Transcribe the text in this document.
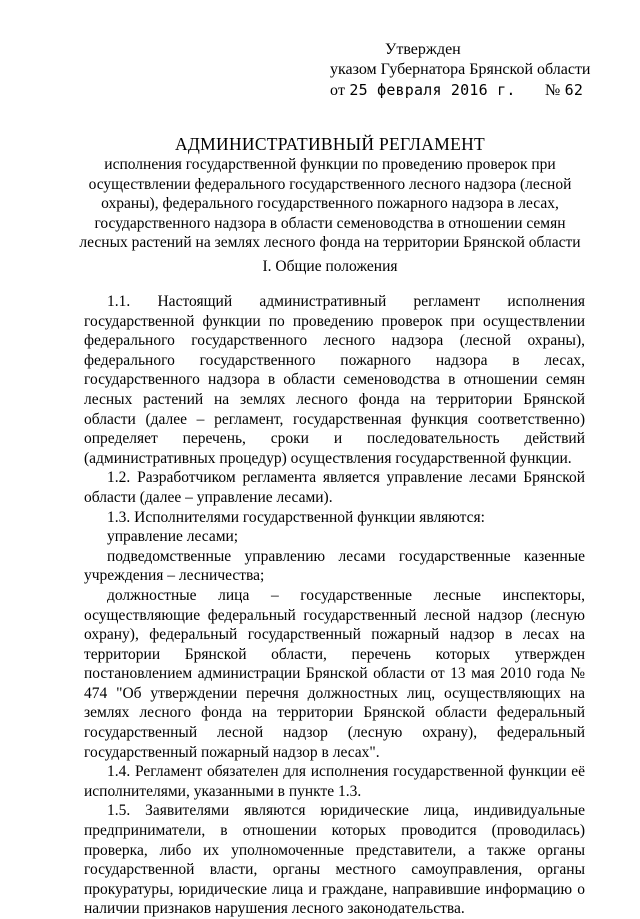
Утвержден
указом Губернатора Брянской области
от 25 февраля 2016 г. № 62
АДМИНИСТРАТИВНЫЙ РЕГЛАМЕНТ
исполнения государственной функции по проведению проверок при осуществлении федерального государственного лесного надзора (лесной охраны), федерального государственного пожарного надзора в лесах, государственного надзора в области семеноводства в отношении семян лесных растений на землях лесного фонда на территории Брянской области
I. Общие положения

1.1. Настоящий административный регламент исполнения государственной функции по проведению проверок при осуществлении федерального государственного лесного надзора (лесной охраны), федерального государственного пожарного надзора в лесах, государственного надзора в области семеноводства в отношении семян лесных растений на землях лесного фонда на территории Брянской области (далее – регламент, государственная функция соответственно) определяет перечень, сроки и последовательность действий (административных процедур) осуществления государственной функции.

1.2. Разработчиком регламента является управление лесами Брянской области (далее – управление лесами).

1.3. Исполнителями государственной функции являются:

управление лесами;

подведомственные управлению лесами государственные казенные учреждения – лесничества;

должностные лица – государственные лесные инспекторы, осуществляющие федеральный государственный лесной надзор (лесную охрану), федеральный государственный пожарный надзор в лесах на территории Брянской области, перечень которых утвержден постановлением администрации Брянской области от 13 мая 2010 года № 474 "Об утверждении перечня должностных лиц, осуществляющих на землях лесного фонда на территории Брянской области федеральный государственный лесной надзор (лесную охрану), федеральный государственный пожарный надзор в лесах".

1.4. Регламент обязателен для исполнения государственной функции её исполнителями, указанными в пункте 1.3.

1.5. Заявителями являются юридические лица, индивидуальные предприниматели, в отношении которых проводится (проводилась) проверка, либо их уполномоченные представители, а также органы государственной власти, органы местного самоуправления, органы прокуратуры, юридические лица и граждане, направившие информацию о наличии признаков нарушения лесного законодательства.
